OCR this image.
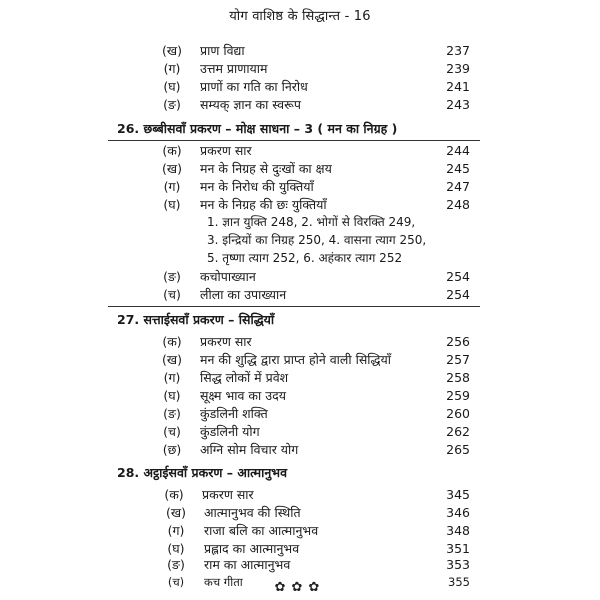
योग वाशिष्ठ के सिद्धान्त - 16
(ख)	प्राण विद्या	237
(ग)	उत्तम प्राणायाम	239
(घ)	प्राणों का गति का निरोध	241
(ङ)	सम्यक् ज्ञान का स्वरूप	243
26. छब्बीसवाँ प्रकरण – मोक्ष साधना – 3 ( मन का निग्रह )
(क)	प्रकरण सार	244
(ख)	मन के निग्रह से दुःखों का क्षय	245
(ग)	मन के निरोध की युक्तियाँ	247
(घ)	मन के निग्रह की छः युक्तियाँ	248
1. ज्ञान युक्ति 248, 2. भोगों से विरक्ति 249,
3. इन्द्रियों का निग्रह 250, 4. वासना त्याग 250,
5. तृष्णा त्याग 252, 6. अहंकार त्याग 252
(ङ)	कचोपाख्यान	254
(च)	लीला का उपाख्यान	254
27. सत्ताईसवाँ प्रकरण – सिद्धियाँ
(क)	प्रकरण सार	256
(ख)	मन की शुद्धि द्वारा प्राप्त होने वाली सिद्धियाँ	257
(ग)	सिद्ध लोकों में प्रवेश	258
(घ)	सूक्ष्म भाव का उदय	259
(ङ)	कुंडलिनी शक्ति	260
(च)	कुंडलिनी योग	262
(छ)	अग्नि सोम विचार योग	265
28. अट्ठाईसवाँ प्रकरण – आत्मानुभव
(क)	प्रकरण सार	345
(ख)	आत्मानुभव की स्थिति	346
(ग)	राजा बलि का आत्मानुभव	348
(घ)	प्रह्लाद का आत्मानुभव	351
(ङ)	राम का आत्मानुभव	353
(च)	कच गीता	355
✿✿✿
